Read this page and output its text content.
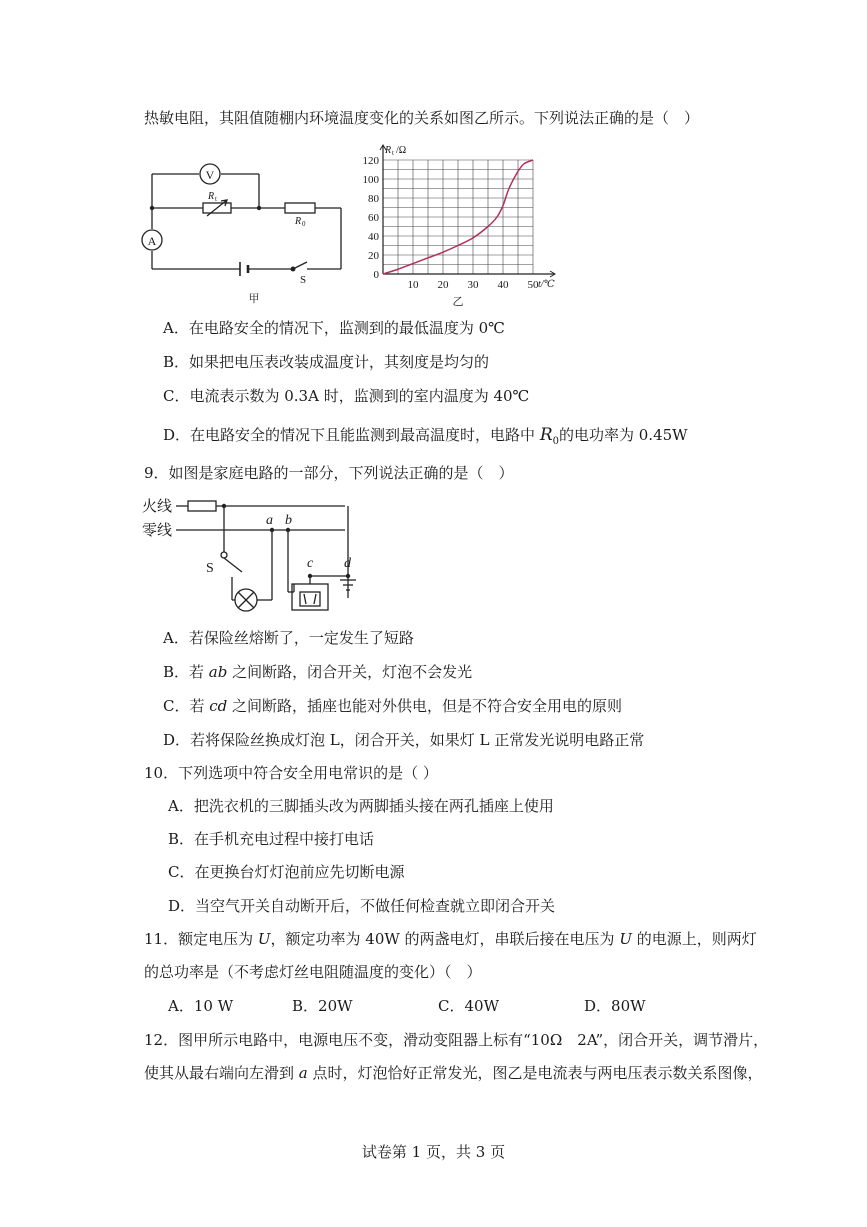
热敏电阻，其阻值随棚内环境温度变化的关系如图乙所示。下列说法正确的是（　）
V
A
R t
R 0
S
甲
0
20
40
60
80
100
120
10 20 30 40 50
R t /Ω
t/℃
乙
A．在电路安全的情况下，监测到的最低温度为 0℃
B．如果把电压表改装成温度计，其刻度是均匀的
C．电流表示数为 0.3A 时，监测到的室内温度为 40℃
D．在电路安全的情况下且能监测到最高温度时，电路中 $R_0$的电功率为 0.45W
9．如图是家庭电路的一部分，下列说法正确的是（　）
火线
零线
a b
c d
S
A．若保险丝熔断了，一定发生了短路
B．若 ab 之间断路，闭合开关，灯泡不会发光
C．若 cd 之间断路，插座也能对外供电，但是不符合安全用电的原则
D．若将保险丝换成灯泡 L，闭合开关，如果灯 L 正常发光说明电路正常
10．下列选项中符合安全用电常识的是（ ）
A．把洗衣机的三脚插头改为两脚插头接在两孔插座上使用
B．在手机充电过程中接打电话
C．在更换台灯灯泡前应先切断电源
D．当空气开关自动断开后，不做任何检查就立即闭合开关
11．额定电压为 U，额定功率为 40W 的两盏电灯，串联后接在电压为 U 的电源上，则两灯
的总功率是（不考虑灯丝电阻随温度的变化）（　）
A．10 W	B．20W	C．40W	D．80W
12．图甲所示电路中，电源电压不变，滑动变阻器上标有“10Ω　2A”，闭合开关，调节滑片，
使其从最右端向左滑到 a 点时，灯泡恰好正常发光，图乙是电流表与两电压表示数关系图像，
试卷第 1 页，共 3 页
